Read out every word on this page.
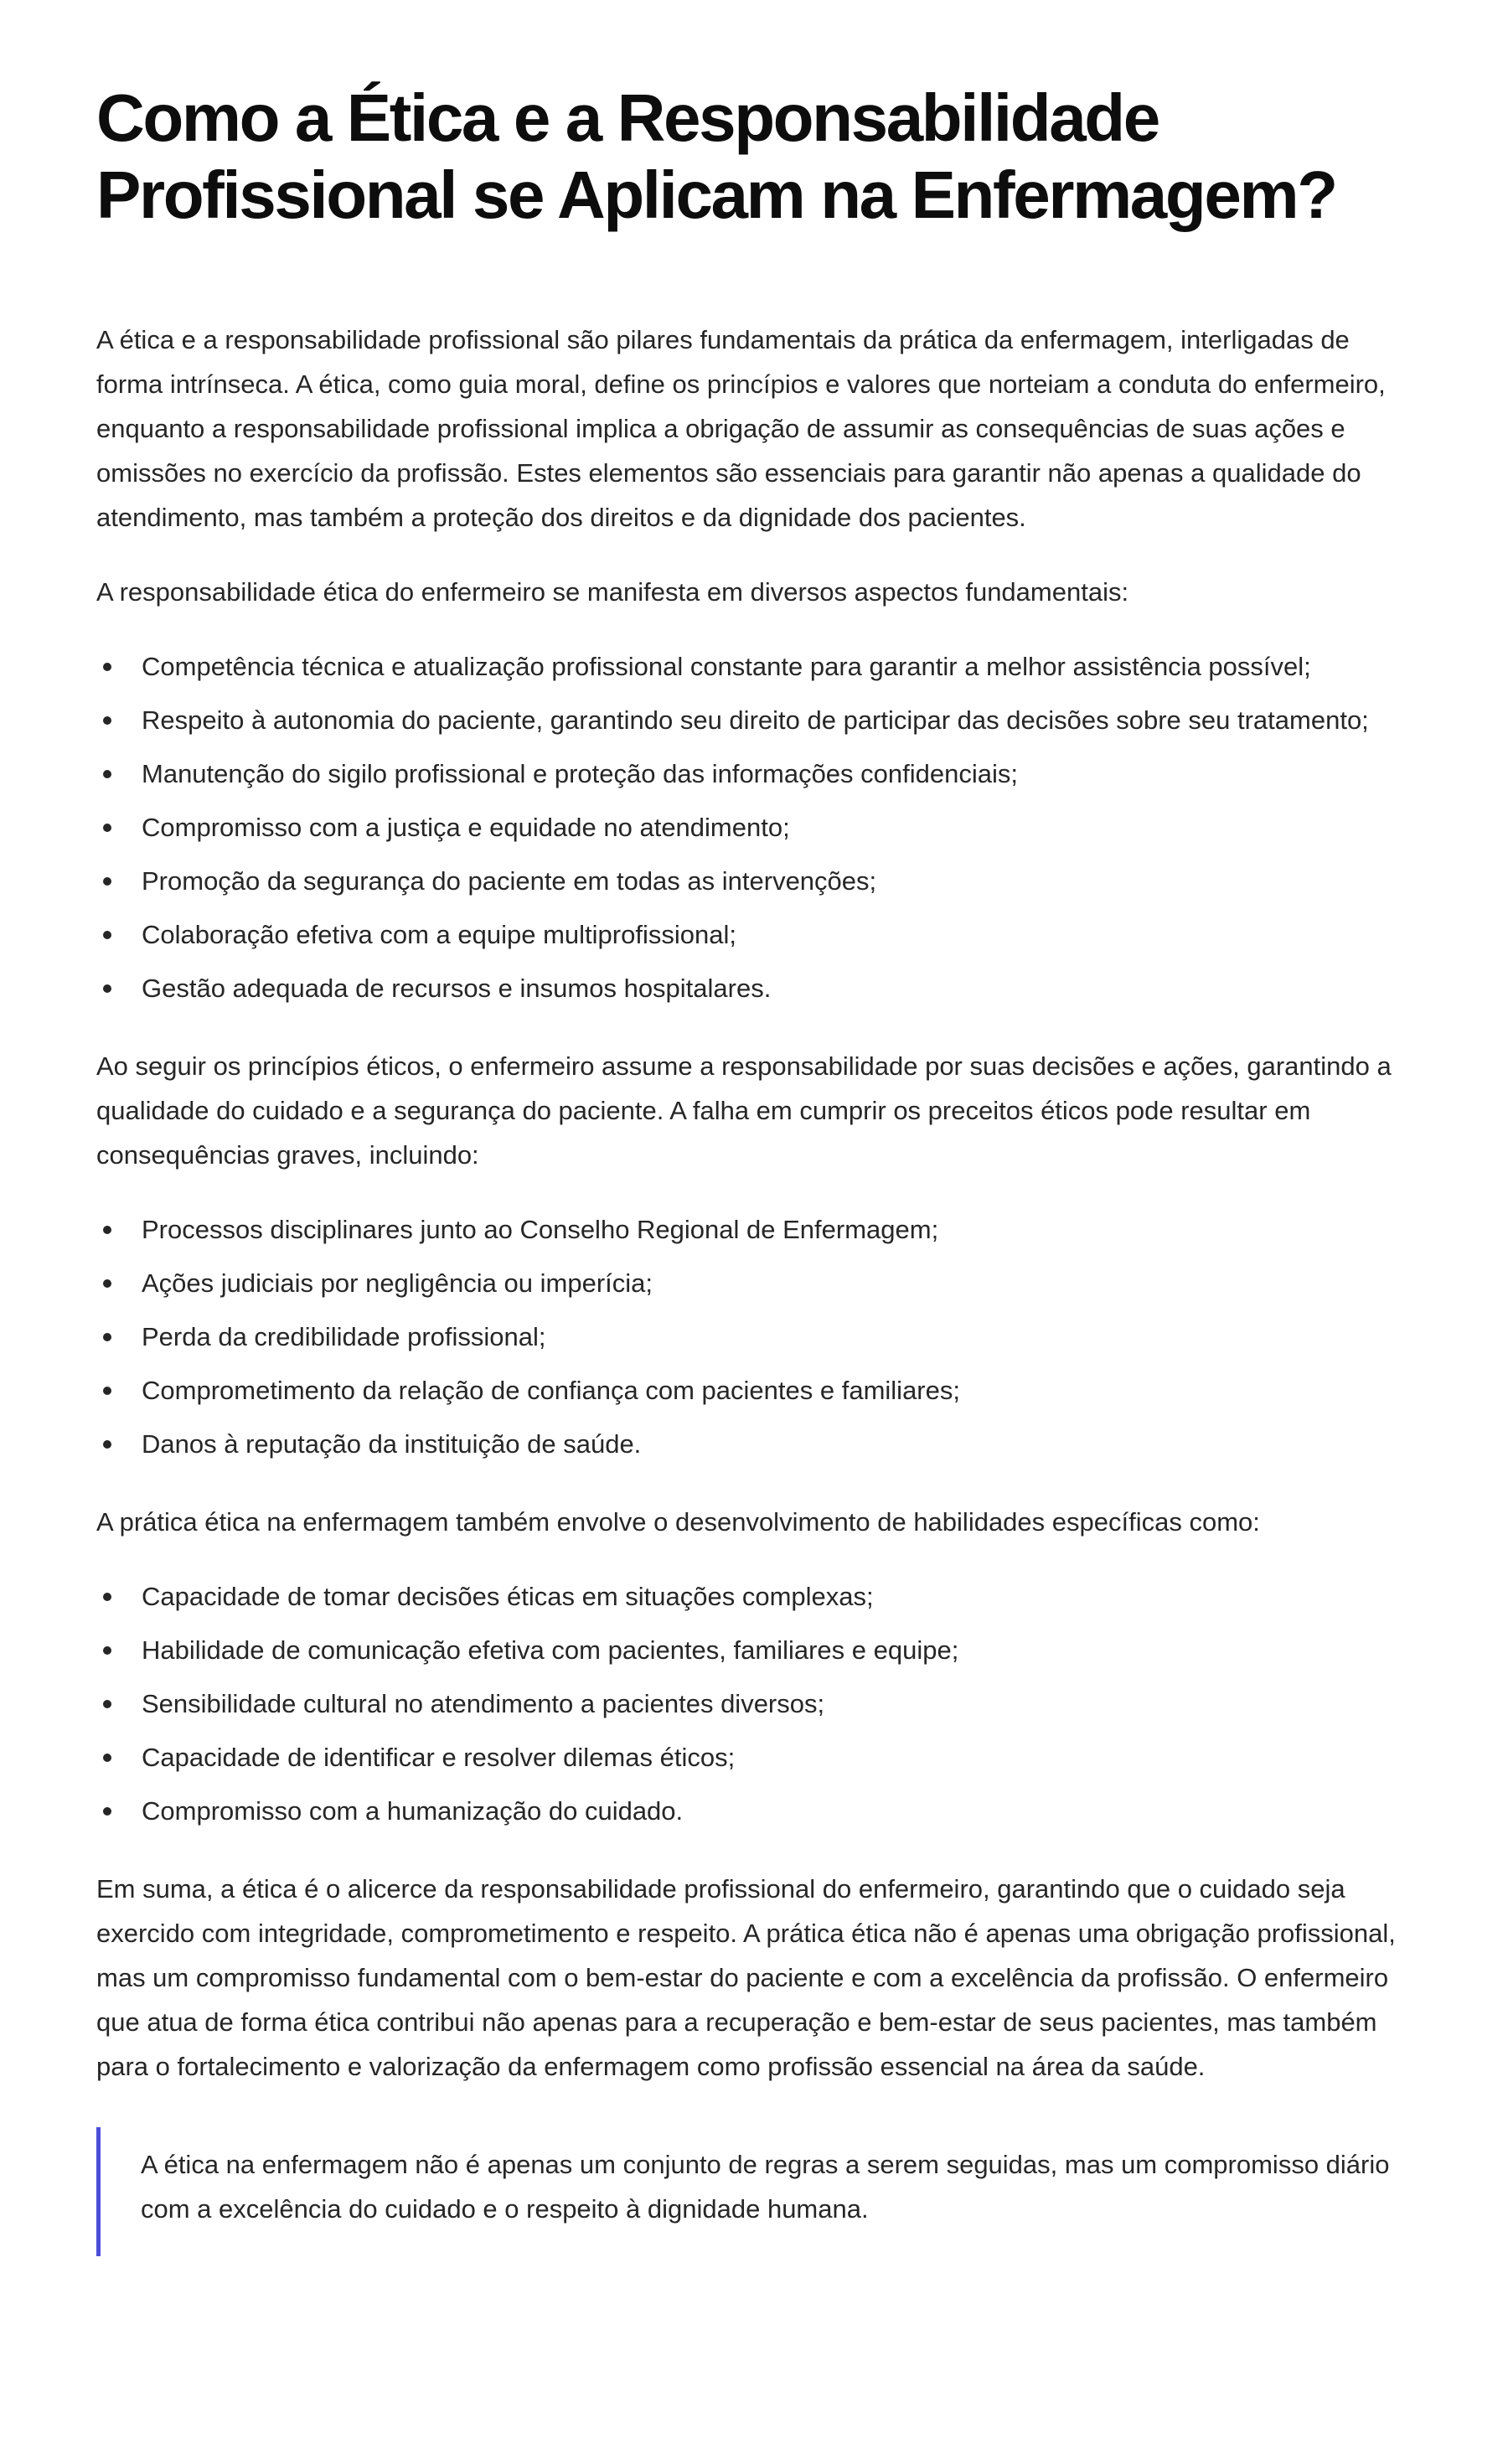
Como a Ética e a Responsabilidade Profissional se Aplicam na Enfermagem?

A ética e a responsabilidade profissional são pilares fundamentais da prática da enfermagem, interligadas de forma intrínseca. A ética, como guia moral, define os princípios e valores que norteiam a conduta do enfermeiro, enquanto a responsabilidade profissional implica a obrigação de assumir as consequências de suas ações e omissões no exercício da profissão. Estes elementos são essenciais para garantir não apenas a qualidade do atendimento, mas também a proteção dos direitos e da dignidade dos pacientes.

A responsabilidade ética do enfermeiro se manifesta em diversos aspectos fundamentais:

Competência técnica e atualização profissional constante para garantir a melhor assistência possível;
Respeito à autonomia do paciente, garantindo seu direito de participar das decisões sobre seu tratamento;
Manutenção do sigilo profissional e proteção das informações confidenciais;
Compromisso com a justiça e equidade no atendimento;
Promoção da segurança do paciente em todas as intervenções;
Colaboração efetiva com a equipe multiprofissional;
Gestão adequada de recursos e insumos hospitalares.

Ao seguir os princípios éticos, o enfermeiro assume a responsabilidade por suas decisões e ações, garantindo a qualidade do cuidado e a segurança do paciente. A falha em cumprir os preceitos éticos pode resultar em consequências graves, incluindo:

Processos disciplinares junto ao Conselho Regional de Enfermagem;
Ações judiciais por negligência ou imperícia;
Perda da credibilidade profissional;
Comprometimento da relação de confiança com pacientes e familiares;
Danos à reputação da instituição de saúde.

A prática ética na enfermagem também envolve o desenvolvimento de habilidades específicas como:

Capacidade de tomar decisões éticas em situações complexas;
Habilidade de comunicação efetiva com pacientes, familiares e equipe;
Sensibilidade cultural no atendimento a pacientes diversos;
Capacidade de identificar e resolver dilemas éticos;
Compromisso com a humanização do cuidado.

Em suma, a ética é o alicerce da responsabilidade profissional do enfermeiro, garantindo que o cuidado seja exercido com integridade, comprometimento e respeito. A prática ética não é apenas uma obrigação profissional, mas um compromisso fundamental com o bem-estar do paciente e com a excelência da profissão. O enfermeiro que atua de forma ética contribui não apenas para a recuperação e bem-estar de seus pacientes, mas também para o fortalecimento e valorização da enfermagem como profissão essencial na área da saúde.

A ética na enfermagem não é apenas um conjunto de regras a serem seguidas, mas um compromisso diário com a excelência do cuidado e o respeito à dignidade humana.
